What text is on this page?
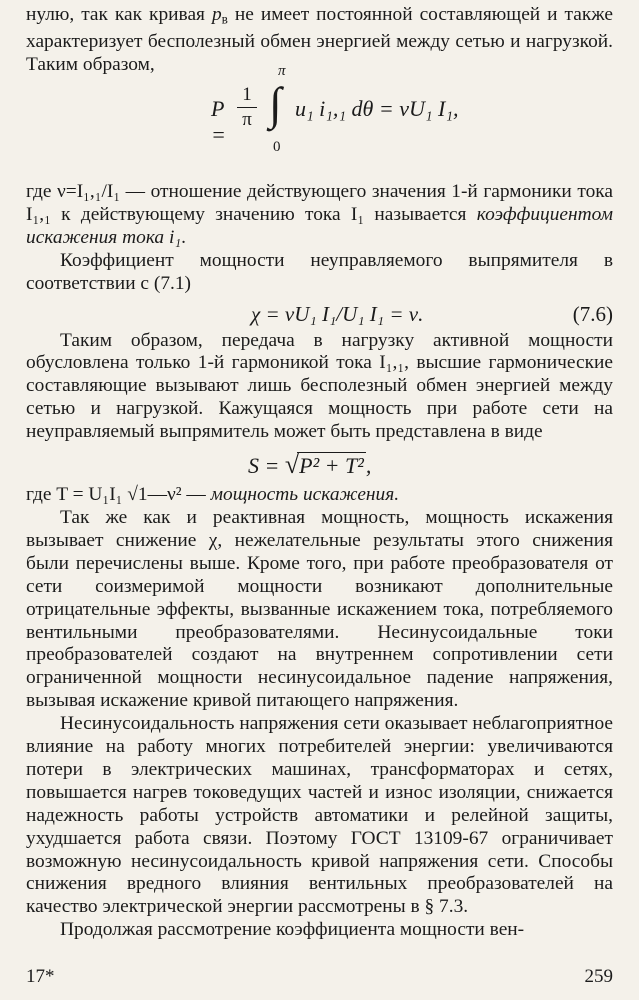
нулю, так как кривая $p_в$ не имеет постоянной составляющей и также характеризует бесполезный обмен энергией между сетью и нагрузкой. Таким образом,

P =
$\frac{1}{\pi}$
π
∫
0
u₁ i₁,₁ dθ = νU₁ I₁,

где ν=I₁,₁/I₁ — отношение действующего значения 1-й гармоники тока I₁,₁ к действующему значению тока I₁ называется коэффициентом искажения тока i₁.

Коэффициент мощности неуправляемого выпрямителя в соответствии с (7.1)

χ = νU₁ I₁/U₁ I₁ = ν.	(7.6)

Таким образом, передача в нагрузку активной мощности обусловлена только 1-й гармоникой тока I₁,₁, высшие гармонические составляющие вызывают лишь бесполезный обмен энергией между сетью и нагрузкой. Кажущаяся мощность при работе сети на неуправляемый выпрямитель может быть представлена в виде

S = √P² + T²,

где T = U₁I₁ √1—ν² — мощность искажения.

Так же как и реактивная мощность, мощность искажения вызывает снижение χ, нежелательные результаты этого снижения были перечислены выше. Кроме того, при работе преобразователя от сети соизмеримой мощности возникают дополнительные отрицательные эффекты, вызванные искажением тока, потребляемого вентильными преобразователями. Несинусоидальные токи преобразователей создают на внутреннем сопротивлении сети ограниченной мощности несинусоидальное падение напряжения, вызывая искажение кривой питающего напряжения.

Несинусоидальность напряжения сети оказывает неблагоприятное влияние на работу многих потребителей энергии: увеличиваются потери в электрических машинах, трансформаторах и сетях, повышается нагрев токоведущих частей и износ изоляции, снижается надежность работы устройств автоматики и релейной защиты, ухудшается работа связи. Поэтому ГОСТ 13109-67 ограничивает возможную несинусоидальность кривой напряжения сети. Способы снижения вредного влияния вентильных преобразователей на качество электрической энергии рассмотрены в § 7.3.

Продолжая рассмотрение коэффициента мощности вен-

17*	259
